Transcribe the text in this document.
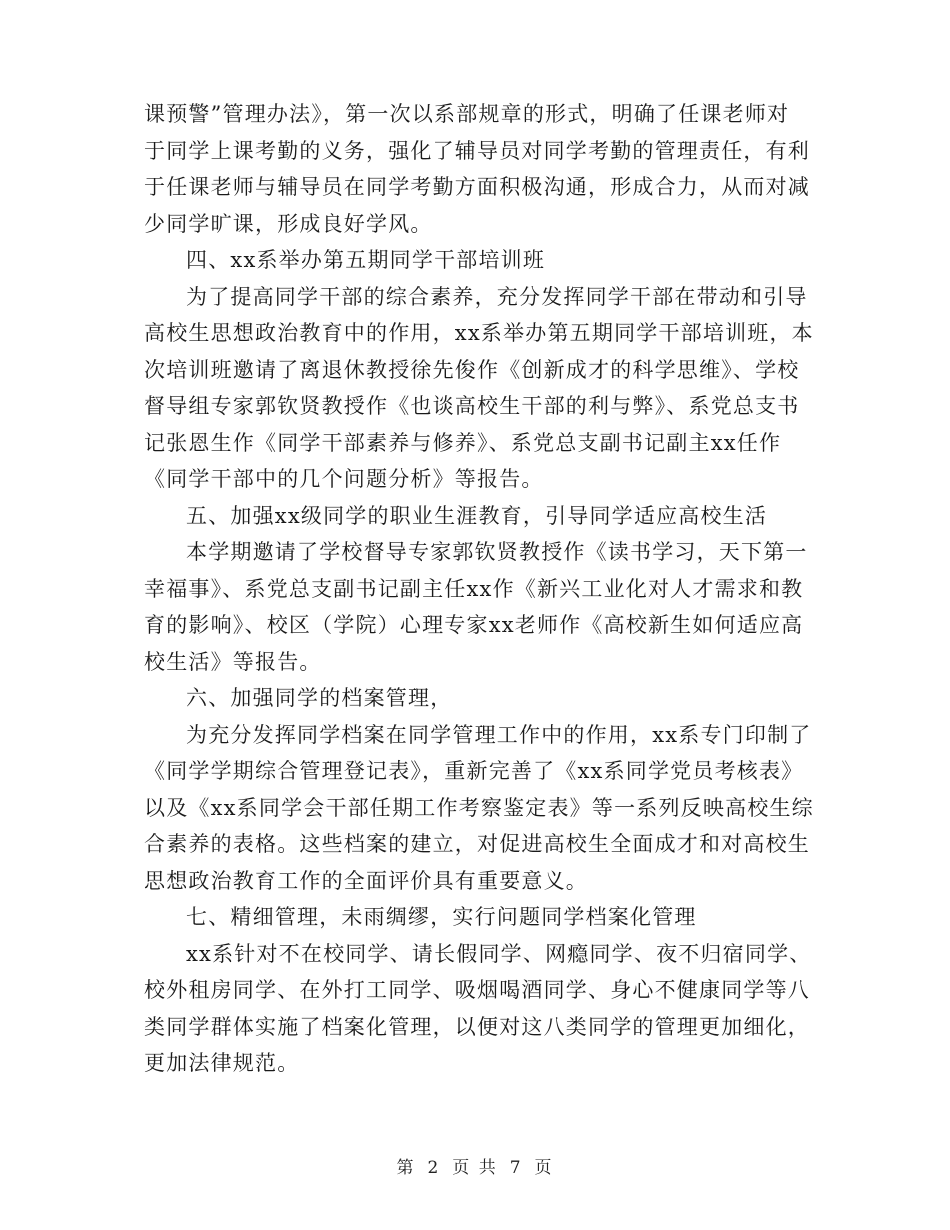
课预警”管理办法》，第一次以系部规章的形式，明确了任课老师对
于同学上课考勤的义务，强化了辅导员对同学考勤的管理责任，有利
于任课老师与辅导员在同学考勤方面积极沟通，形成合力，从而对减
少同学旷课，形成良好学风。
四、xx系举办第五期同学干部培训班
为了提高同学干部的综合素养，充分发挥同学干部在带动和引导
高校生思想政治教育中的作用，xx系举办第五期同学干部培训班，本
次培训班邀请了离退休教授徐先俊作《创新成才的科学思维》、学校
督导组专家郭钦贤教授作《也谈高校生干部的利与弊》、系党总支书
记张恩生作《同学干部素养与修养》、系党总支副书记副主xx任作
《同学干部中的几个问题分析》等报告。
五、加强xx级同学的职业生涯教育，引导同学适应高校生活
本学期邀请了学校督导专家郭钦贤教授作《读书学习，天下第一
幸福事》、系党总支副书记副主任xx作《新兴工业化对人才需求和教
育的影响》、校区（学院）心理专家xx老师作《高校新生如何适应高
校生活》等报告。
六、加强同学的档案管理，
为充分发挥同学档案在同学管理工作中的作用，xx系专门印制了
《同学学期综合管理登记表》，重新完善了《xx系同学党员考核表》
以及《xx系同学会干部任期工作考察鉴定表》等一系列反映高校生综
合素养的表格。这些档案的建立，对促进高校生全面成才和对高校生
思想政治教育工作的全面评价具有重要意义。
七、精细管理，未雨绸缪，实行问题同学档案化管理
xx系针对不在校同学、请长假同学、网瘾同学、夜不归宿同学、
校外租房同学、在外打工同学、吸烟喝酒同学、身心不健康同学等八
类同学群体实施了档案化管理，以便对这八类同学的管理更加细化，
更加法律规范。
第 2 页 共 7 页
